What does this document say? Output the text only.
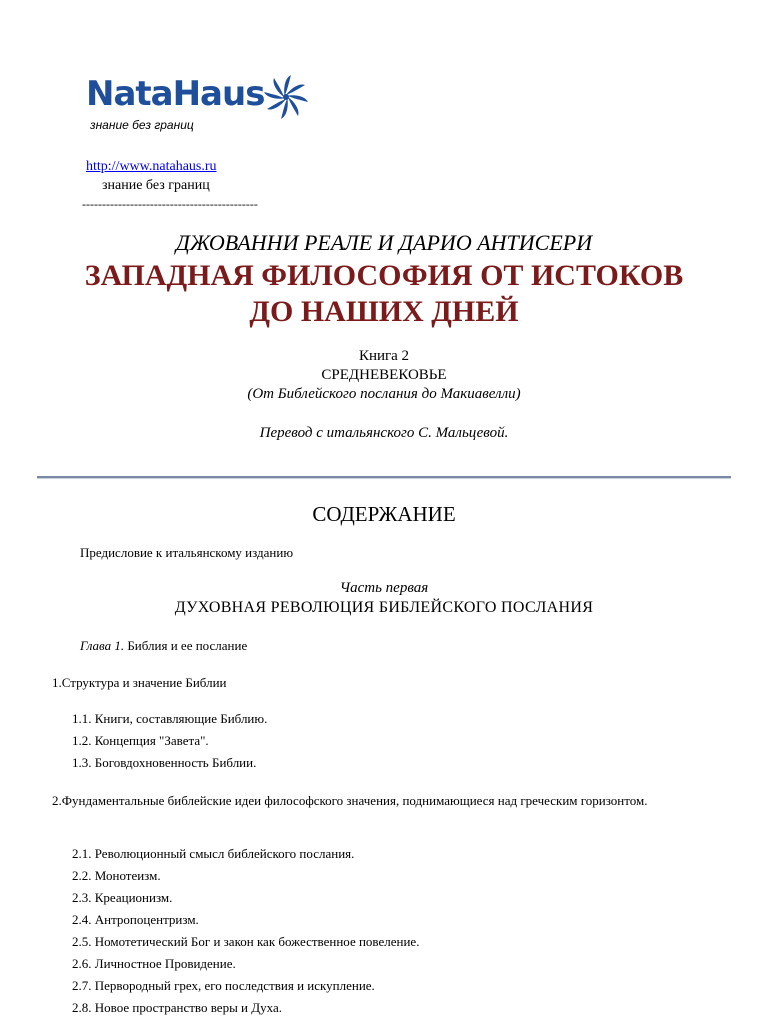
NataHaus
знание без границ
http://www.natahaus.ru
знание без границ
--------------------------------------------
ДЖОВАННИ РЕАЛЕ И ДАРИО АНТИСЕРИ
ЗАПАДНАЯ ФИЛОСОФИЯ ОТ ИСТОКОВ
ДО НАШИХ ДНЕЙ
Книга 2
СРЕДНЕВЕКОВЬЕ
(От Библейского послания до Макиавелли)
Перевод с итальянского С. Мальцевой.
СОДЕРЖАНИЕ
Предисловие к итальянскому изданию
Часть первая
ДУХОВНАЯ РЕВОЛЮЦИЯ БИБЛЕЙСКОГО ПОСЛАНИЯ
Глава 1. Библия и ее послание
1.Структура и значение Библии
1.1. Книги, составляющие Библию.
1.2. Концепция "Завета".
1.3. Боговдохновенность Библии.
2.Фундаментальные библейские идеи философского значения, поднимающиеся над греческим горизонтом.
2.1. Революционный смысл библейского послания.
2.2. Монотеизм.
2.3. Креационизм.
2.4. Антропоцентризм.
2.5. Номотетический Бог и закон как божественное повеление.
2.6. Личностное Провидение.
2.7. Первородный грех, его последствия и искупление.
2.8. Новое пространство веры и Духа.
